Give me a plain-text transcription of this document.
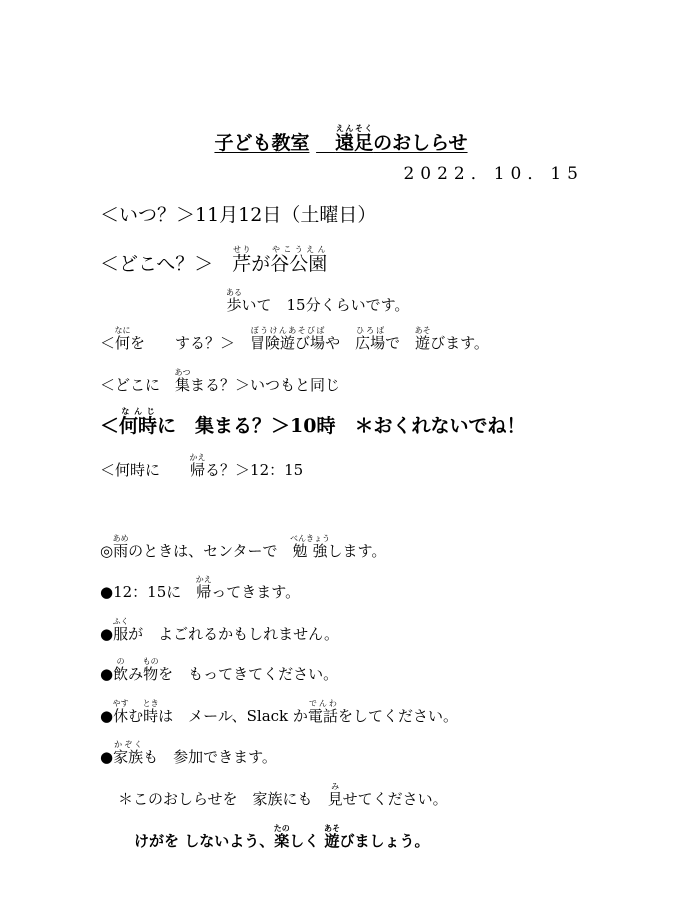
子ども教室 　 遠足えんそくのおしらせ
2022．10．15
＜いつ？＞11月12日（土曜日）
＜どこへ？＞　芹せりが谷公園やこうえん
歩あるいて　15分くらいです。
＜何なにを　　する？＞　冒険遊び場ぼうけんあそびばや　広場ひろばで　遊あそびます。
＜どこに　集あつまる？＞いつもと同じ
＜何時なんじに　集まる？＞10時　＊おくれないでね！
＜何時に　　帰かえる？＞12：15
◎雨あめのときは、センターで　勉強べんきょうします。
●12：15に　帰かえってきます。
●服ふくが　よごれるかもしれません。
●飲のみ物ものを　もってきてください。
●休やすむ時ときは　メール、Slack か電話でんわをしてください。
●家族かぞくも　参加できます。
＊このおしらせを　家族にも　見みせてください。
けがを しないよう、楽たのしく 遊あそびましょう。
